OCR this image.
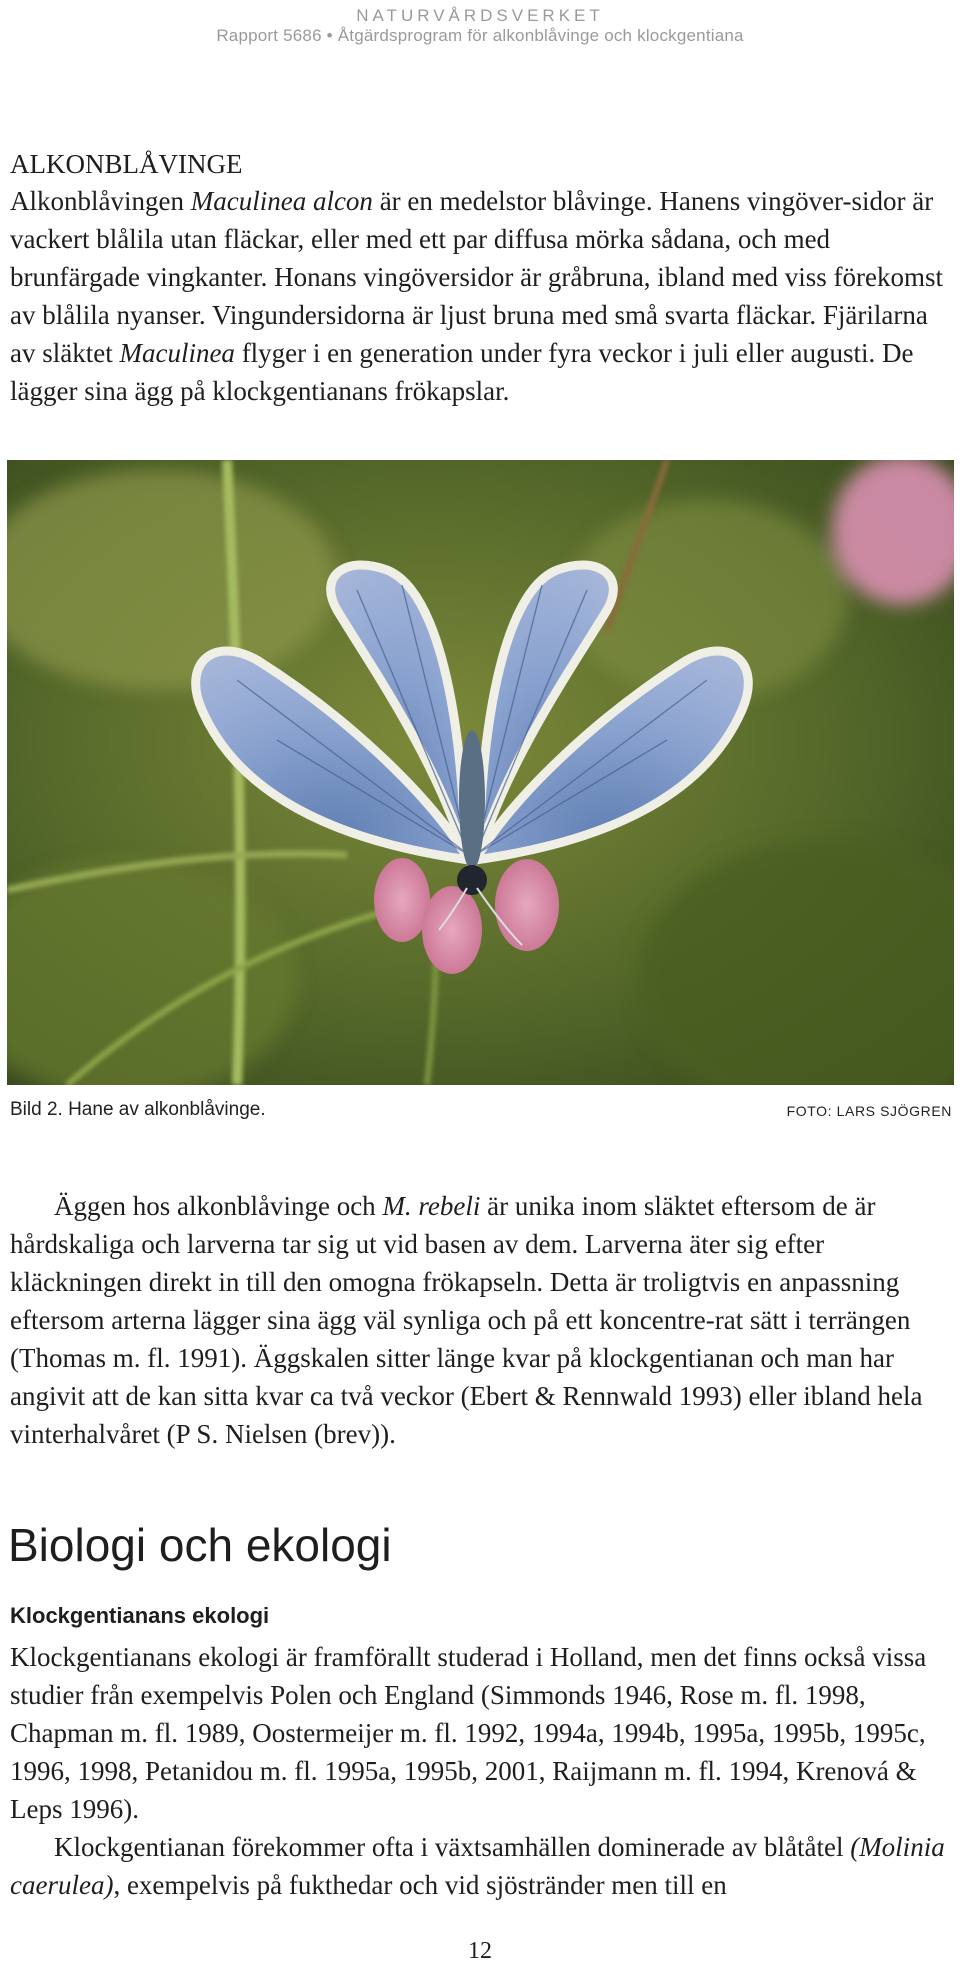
NATURVÅRDSVERKET
Rapport 5686 • Åtgärdsprogram för alkonblåvinge och klockgentiana
ALKONBLÅVINGE

Alkonblåvingen Maculinea alcon är en medelstor blåvinge. Hanens vingöver-sidor är vackert blålila utan fläckar, eller med ett par diffusa mörka sådana, och med brunfärgade vingkanter. Honans vingöversidor är gråbruna, ibland med viss förekomst av blålila nyanser. Vingundersidorna är ljust bruna med små svarta fläckar. Fjärilarna av släktet Maculinea flyger i en generation under fyra veckor i juli eller augusti. De lägger sina ägg på klockgentianans frökapslar.

Bild 2. Hane av alkonblåvinge.	FOTO: LARS SJÖGREN

Äggen hos alkonblåvinge och M. rebeli är unika inom släktet eftersom de är hårdskaliga och larverna tar sig ut vid basen av dem. Larverna äter sig efter kläckningen direkt in till den omogna frökapseln. Detta är troligtvis en anpassning eftersom arterna lägger sina ägg väl synliga och på ett koncentre-rat sätt i terrängen (Thomas m. fl. 1991). Äggskalen sitter länge kvar på klockgentianan och man har angivit att de kan sitta kvar ca två veckor (Ebert & Rennwald 1993) eller ibland hela vinterhalvåret (P S. Nielsen (brev)).

Biologi och ekologi
Klockgentianans ekologi

Klockgentianans ekologi är framförallt studerad i Holland, men det finns också vissa studier från exempelvis Polen och England (Simmonds 1946, Rose m. fl. 1998, Chapman m. fl. 1989, Oostermeijer m. fl. 1992, 1994a, 1994b, 1995a, 1995b, 1995c, 1996, 1998, Petanidou m. fl. 1995a, 1995b, 2001, Raijmann m. fl. 1994, Krenová & Leps 1996).

Klockgentianan förekommer ofta i växtsamhällen dominerade av blåtåtel (Molinia caerulea), exempelvis på fukthedar och vid sjöstränder men till en

12
